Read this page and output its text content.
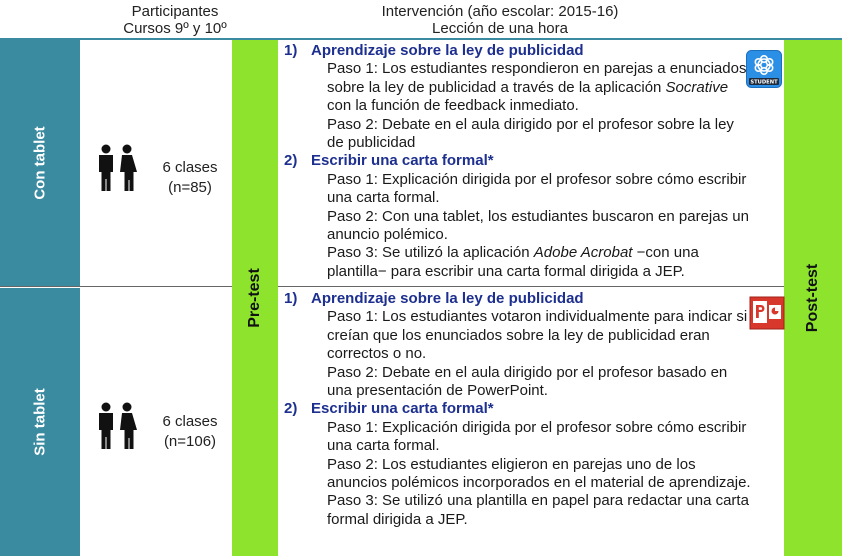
Participantes
Cursos 9º y 10º
Intervención (año escolar: 2015-16)
Lección de una hora
Con tablet
Sin tablet
Pre-test	Post-test
6 clases
(n=85)
6 clases
(n=106)
1) Aprendizaje sobre la ley de publicidad
Paso 1: Los estudiantes respondieron en parejas a enunciados sobre la ley de publicidad a través de la aplicación Socrative con la función de feedback inmediato.
Paso 2: Debate en el aula dirigido por el profesor sobre la ley de publicidad
2) Escribir una carta formal*
Paso 1: Explicación dirigida por el profesor sobre cómo escribir una carta formal.
Paso 2: Con una tablet, los estudiantes buscaron en parejas un anuncio polémico.
Paso 3: Se utilizó la aplicación Adobe Acrobat −con una plantilla− para escribir una carta formal dirigida a JEP.
1) Aprendizaje sobre la ley de publicidad
Paso 1: Los estudiantes votaron individualmente para indicar si creían que los enunciados sobre la ley de publicidad eran correctos o no.
Paso 2: Debate en el aula dirigido por el profesor basado en una presentación de PowerPoint.
2) Escribir una carta formal*
Paso 1: Explicación dirigida por el profesor sobre cómo escribir una carta formal.
Paso 2: Los estudiantes eligieron en parejas uno de los anuncios polémicos incorporados en el material de aprendizaje.
Paso 3: Se utilizó una plantilla en papel para redactar una carta formal dirigida a JEP.
STUDENT
